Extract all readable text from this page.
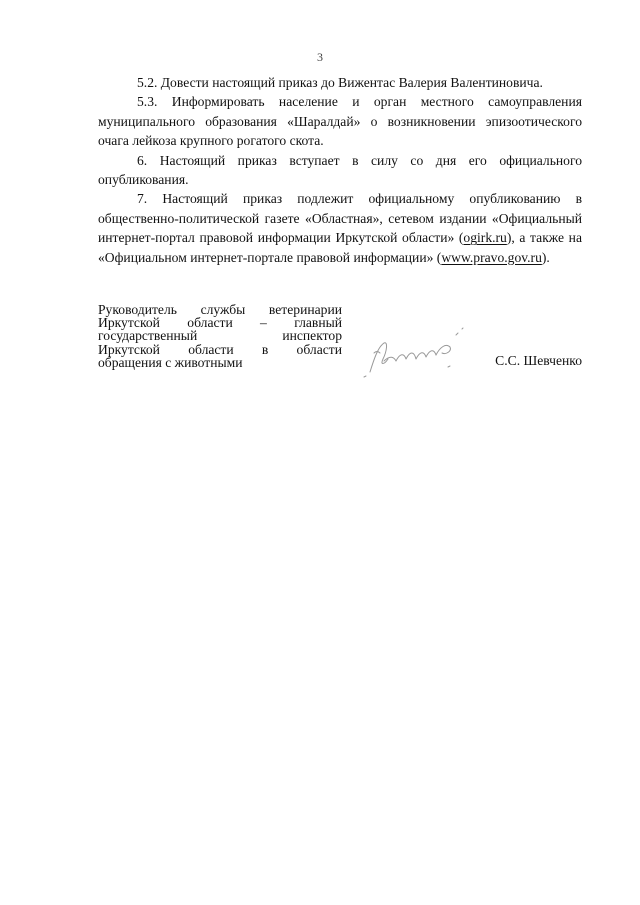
3

5.2. Довести настоящий приказ до Вижентас Валерия Валентиновича.

5.3. Информировать население и орган местного самоуправления муниципального образования «Шаралдай» о возникновении эпизоотического очага лейкоза крупного рогатого скота.

6. Настоящий приказ вступает в силу со дня его официального опубликования.

7. Настоящий приказ подлежит официальному опубликованию в общественно-политической газете «Областная», сетевом издании «Официальный интернет-портал правовой информации Иркутской области» (ogirk.ru), а также на «Официальном интернет-портале правовой информации» (www.pravo.gov.ru).

Руководитель службы ветеринарии
Иркутской области – главный
государственный инспектор
Иркутской области в области
обращения с животными	С.С. Шевченко
